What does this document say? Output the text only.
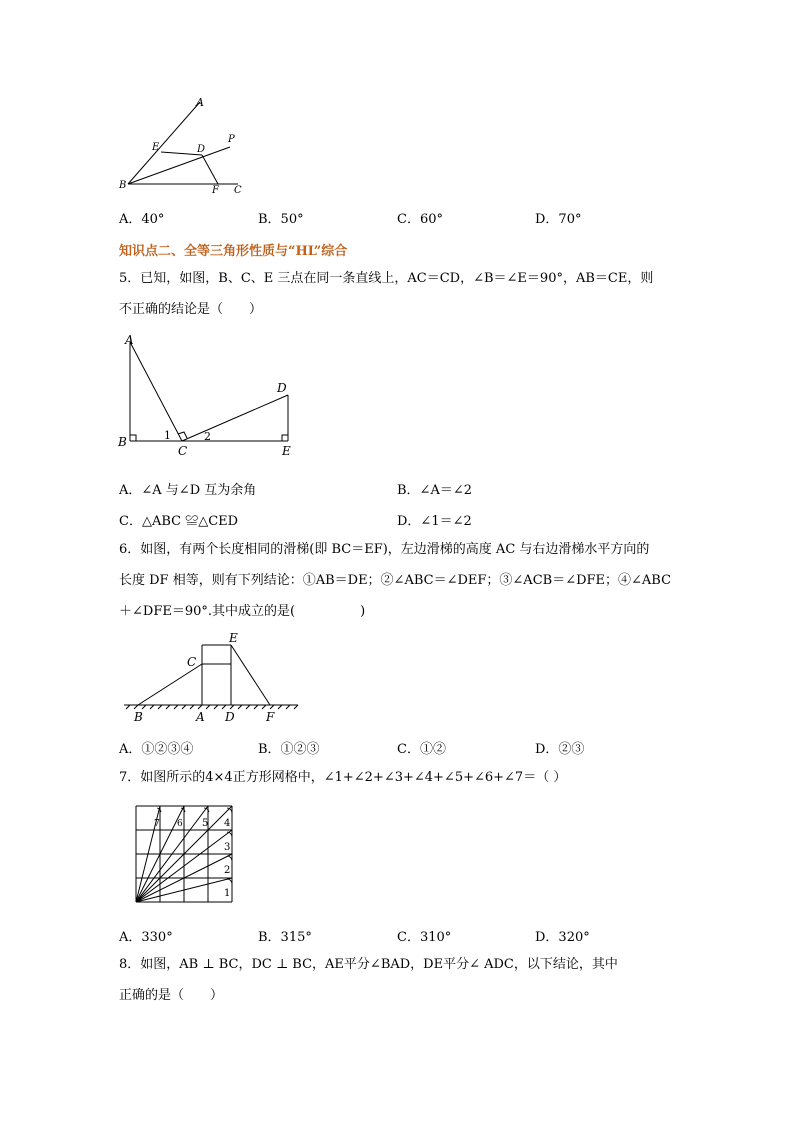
A
E	D
P
B	F C
A．40°	B．50°	C．60°	D．70°
知识点二、全等三角形性质与“HL”综合
5．已知，如图，B、C、E 三点在同一条直线上，AC＝CD，∠B＝∠E＝90°，AB＝CE，则
不正确的结论是（　　）
A
B
C
D
E
1	2
A．∠A 与∠D 互为余角	B．∠A＝∠2
C．△ABC ≌△CED	D．∠1＝∠2
6．如图，有两个长度相同的滑梯(即 BC＝EF)，左边滑梯的高度 AC 与右边滑梯水平方向的
长度 DF 相等，则有下列结论：①AB＝DE；②∠ABC＝∠DEF；③∠ACB＝∠DFE；④∠ABC
＋∠DFE＝90°.其中成立的是(　　　　　)
E
C
B	A D	F
A．①②③④	B．①②③	C．①②	D．②③
7．如图所示的4×4正方形网格中，∠1+∠2+∠3+∠4+∠5+∠6+∠7＝（ ）
1
2
3
4
5
6
7
A．330°	B．315°	C．310°	D．320°
8．如图，AB ⊥ BC，DC ⊥ BC，AE平分∠BAD，DE平分∠ ADC，以下结论，其中
正确的是（　　）
